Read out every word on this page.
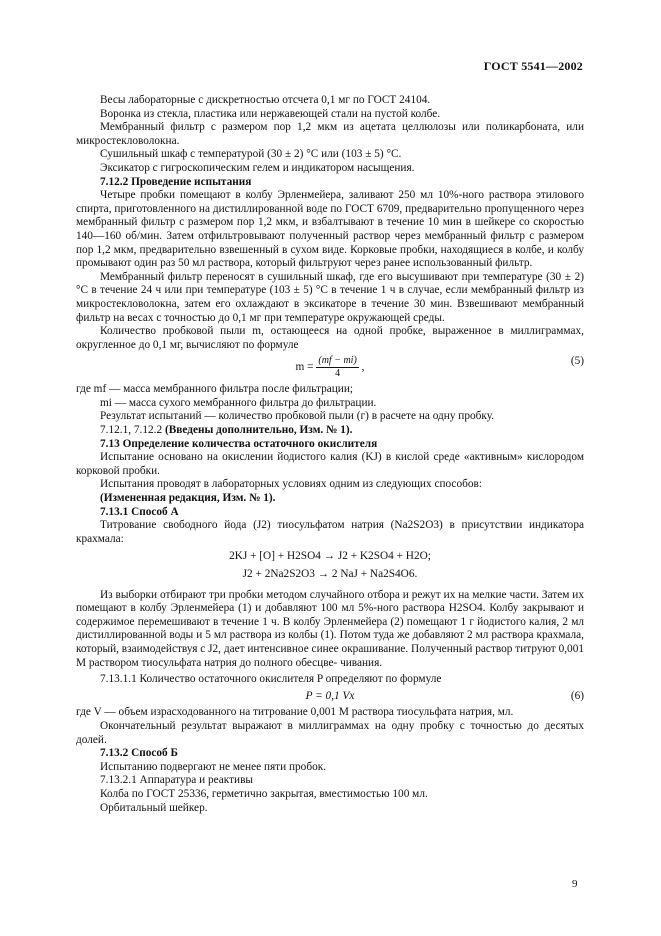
ГОСТ 5541—2002

Весы лабораторные с дискретностью отсчета 0,1 мг по ГОСТ 24104.

Воронка из стекла, пластика или нержавеющей стали на пустой колбе.

Мембранный фильтр с размером пор 1,2 мкм из ацетата целлюлозы или поликарбоната, или микростекловолокна.

Сушильный шкаф с температурой (30 ± 2) °С или (103 ± 5) °С.

Эксикатор с гигроскопическим гелем и индикатором насыщения.

7.12.2 Проведение испытания

Четыре пробки помещают в колбу Эрленмейера, заливают 250 мл 10%-ного раствора этилового спирта, приготовленного на дистиллированной воде по ГОСТ 6709, предварительно пропущенного через мембранный фильтр с размером пор 1,2 мкм, и взбалтывают в течение 10 мин в шейкере со скоростью 140—160 об/мин. Затем отфильтровывают полученный раствор через мембранный фильтр с размером пор 1,2 мкм, предварительно взвешенный в сухом виде. Корковые пробки, находящиеся в колбе, и колбу промывают один раз 50 мл раствора, который фильтруют через ранее использованный фильтр.

Мембранный фильтр переносят в сушильный шкаф, где его высушивают при температуре (30 ± 2) °С в течение 24 ч или при температуре (103 ± 5) °С в течение 1 ч в случае, если мембранный фильтр из микростекловолокна, затем его охлаждают в эксикаторе в течение 30 мин. Взвешивают мембранный фильтр на весах с точностью до 0,1 мг при температуре окружающей среды.

Количество пробковой пыли m, остающееся на одной пробке, выраженное в миллиграммах, округленное до 0,1 мг, вычисляют по формуле

$m = \frac{(mf - mi)}{4}$ ,
(5)

где mf — масса мембранного фильтра после фильтрации;

mi — масса сухого мембранного фильтра до фильтрации.

Результат испытаний — количество пробковой пыли (г) в расчете на одну пробку.

7.12.1, 7.12.2 (Введены дополнительно, Изм. № 1).

7.13 Определение количества остаточного окислителя

Испытание основано на окислении йодистого калия (KJ) в кислой среде «активным» кислородом корковой пробки.

Испытания проводят в лабораторных условиях одним из следующих способов:

(Измененная редакция, Изм. № 1).

7.13.1 Способ А

Титрование свободного йода (J2) тиосульфатом натрия (Na2S2O3) в присутствии индикатора крахмала:

2KJ + [O] + H2SO4 → J2 + K2SO4 + H2O;
J2 + 2Na2S2O3 → 2 NaJ + Na2S4O6.

Из выборки отбирают три пробки методом случайного отбора и режут их на мелкие части. Затем их помещают в колбу Эрленмейера (1) и добавляют 100 мл 5%-ного раствора H2SO4. Колбу закрывают и содержимое перемешивают в течение 1 ч. В колбу Эрленмейера (2) помещают 1 г йодистого калия, 2 мл дистиллированной воды и 5 мл раствора из колбы (1). Потом туда же добавляют 2 мл раствора крахмала, который, взаимодействуя с J2, дает интенсивное синее окрашивание. Полученный раствор титруют 0,001 М раствором тиосульфата натрия до полного обесцве- чивания.

7.13.1.1 Количество остаточного окислителя P определяют по формуле

P = 0,1 Vx	(6)

где V — объем израсходованного на титрование 0,001 М раствора тиосульфата натрия, мл.

Окончательный результат выражают в миллиграммах на одну пробку с точностью до десятых долей.

7.13.2 Способ Б

Испытанию подвергают не менее пяти пробок.

7.13.2.1 Аппаратура и реактивы

Колба по ГОСТ 25336, герметично закрытая, вместимостью 100 мл.

Орбитальный шейкер.

9
